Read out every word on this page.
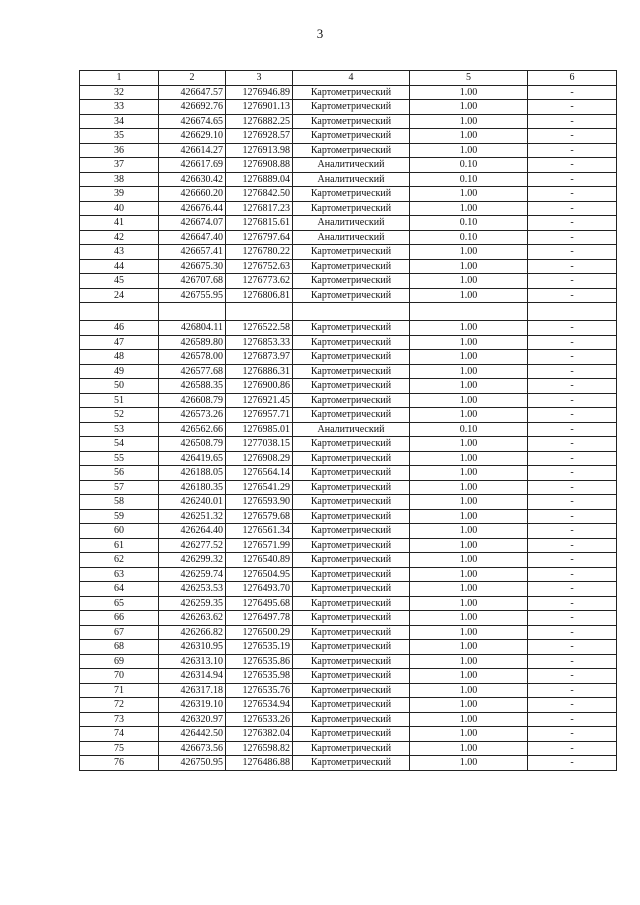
3
1	2	3	4	5	6
32	426647.57	1276946.89	Картометрический	1.00	-
33	426692.76	1276901.13	Картометрический	1.00	-
34	426674.65	1276882.25	Картометрический	1.00	-
35	426629.10	1276928.57	Картометрический	1.00	-
36	426614.27	1276913.98	Картометрический	1.00	-
37	426617.69	1276908.88	Аналитический	0.10	-
38	426630.42	1276889.04	Аналитический	0.10	-
39	426660.20	1276842.50	Картометрический	1.00	-
40	426676.44	1276817.23	Картометрический	1.00	-
41	426674.07	1276815.61	Аналитический	0.10	-
42	426647.40	1276797.64	Аналитический	0.10	-
43	426657.41	1276780.22	Картометрический	1.00	-
44	426675.30	1276752.63	Картометрический	1.00	-
45	426707.68	1276773.62	Картометрический	1.00	-
24	426755.95	1276806.81	Картометрический	1.00	-

46	426804.11	1276522.58	Картометрический	1.00	-
47	426589.80	1276853.33	Картометрический	1.00	-
48	426578.00	1276873.97	Картометрический	1.00	-
49	426577.68	1276886.31	Картометрический	1.00	-
50	426588.35	1276900.86	Картометрический	1.00	-
51	426608.79	1276921.45	Картометрический	1.00	-
52	426573.26	1276957.71	Картометрический	1.00	-
53	426562.66	1276985.01	Аналитический	0.10	-
54	426508.79	1277038.15	Картометрический	1.00	-
55	426419.65	1276908.29	Картометрический	1.00	-
56	426188.05	1276564.14	Картометрический	1.00	-
57	426180.35	1276541.29	Картометрический	1.00	-
58	426240.01	1276593.90	Картометрический	1.00	-
59	426251.32	1276579.68	Картометрический	1.00	-
60	426264.40	1276561.34	Картометрический	1.00	-
61	426277.52	1276571.99	Картометрический	1.00	-
62	426299.32	1276540.89	Картометрический	1.00	-
63	426259.74	1276504.95	Картометрический	1.00	-
64	426253.53	1276493.70	Картометрический	1.00	-
65	426259.35	1276495.68	Картометрический	1.00	-
66	426263.62	1276497.78	Картометрический	1.00	-
67	426266.82	1276500.29	Картометрический	1.00	-
68	426310.95	1276535.19	Картометрический	1.00	-
69	426313.10	1276535.86	Картометрический	1.00	-
70	426314.94	1276535.98	Картометрический	1.00	-
71	426317.18	1276535.76	Картометрический	1.00	-
72	426319.10	1276534.94	Картометрический	1.00	-
73	426320.97	1276533.26	Картометрический	1.00	-
74	426442.50	1276382.04	Картометрический	1.00	-
75	426673.56	1276598.82	Картометрический	1.00	-
76	426750.95	1276486.88	Картометрический	1.00	-
